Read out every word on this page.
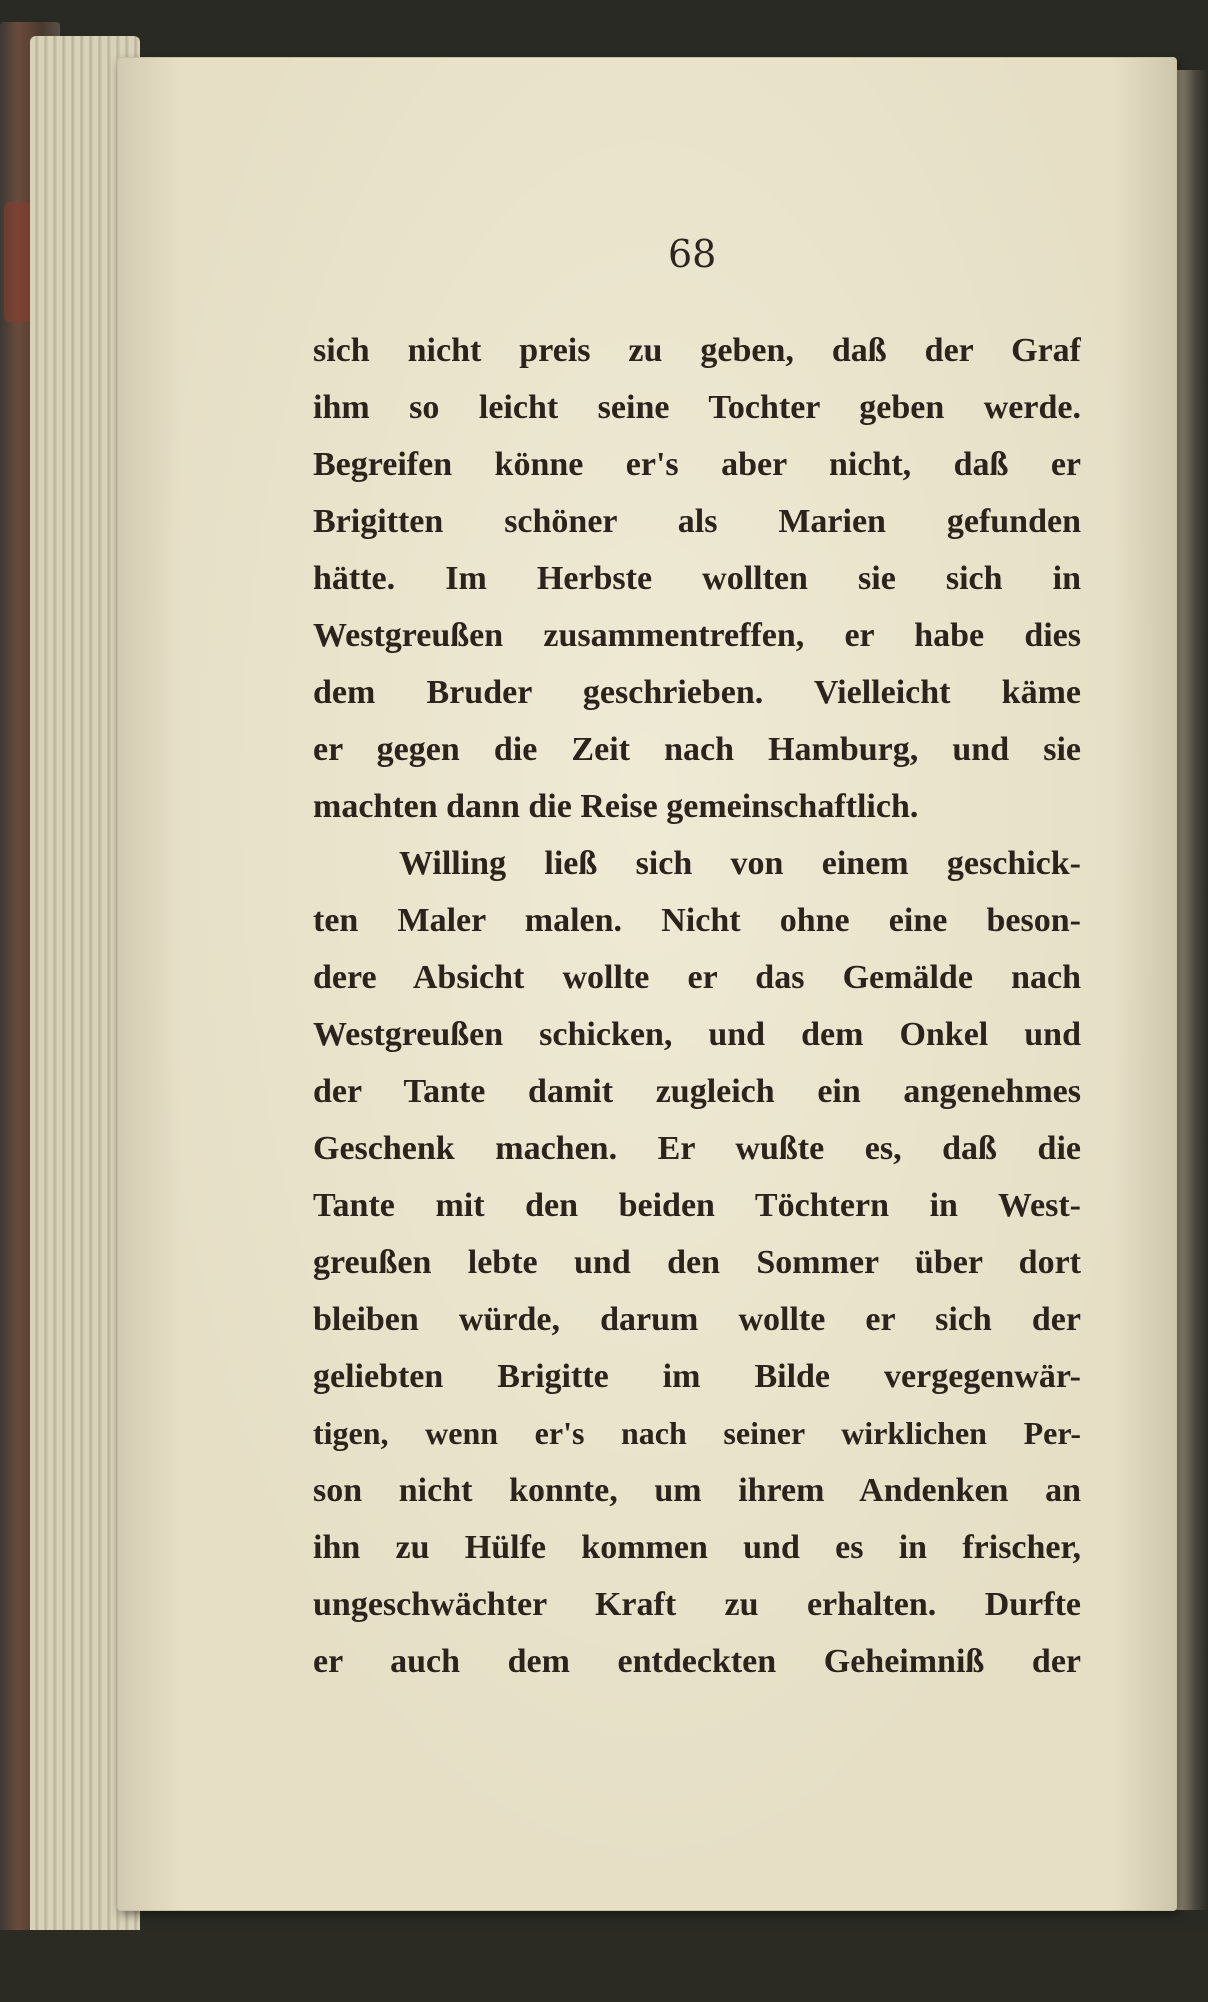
68
sich nicht preis zu geben, daß der Graf
ihm so leicht seine Tochter geben werde.
Begreifen könne er's aber nicht, daß er
Brigitten schöner als Marien gefunden
hätte. Im Herbste wollten sie sich in
Westgreußen zusammentreffen, er habe dies
dem Bruder geschrieben. Vielleicht käme
er gegen die Zeit nach Hamburg, und sie
machten dann die Reise gemeinschaftlich.
Willing ließ sich von einem geschick-
ten Maler malen. Nicht ohne eine beson-
dere Absicht wollte er das Gemälde nach
Westgreußen schicken, und dem Onkel und
der Tante damit zugleich ein angenehmes
Geschenk machen. Er wußte es, daß die
Tante mit den beiden Töchtern in West-
greußen lebte und den Sommer über dort
bleiben würde, darum wollte er sich der
geliebten Brigitte im Bilde vergegenwär-
tigen, wenn er's nach seiner wirklichen Per-
son nicht konnte, um ihrem Andenken an
ihn zu Hülfe kommen und es in frischer,
ungeschwächter Kraft zu erhalten. Durfte
er auch dem entdeckten Geheimniß der
